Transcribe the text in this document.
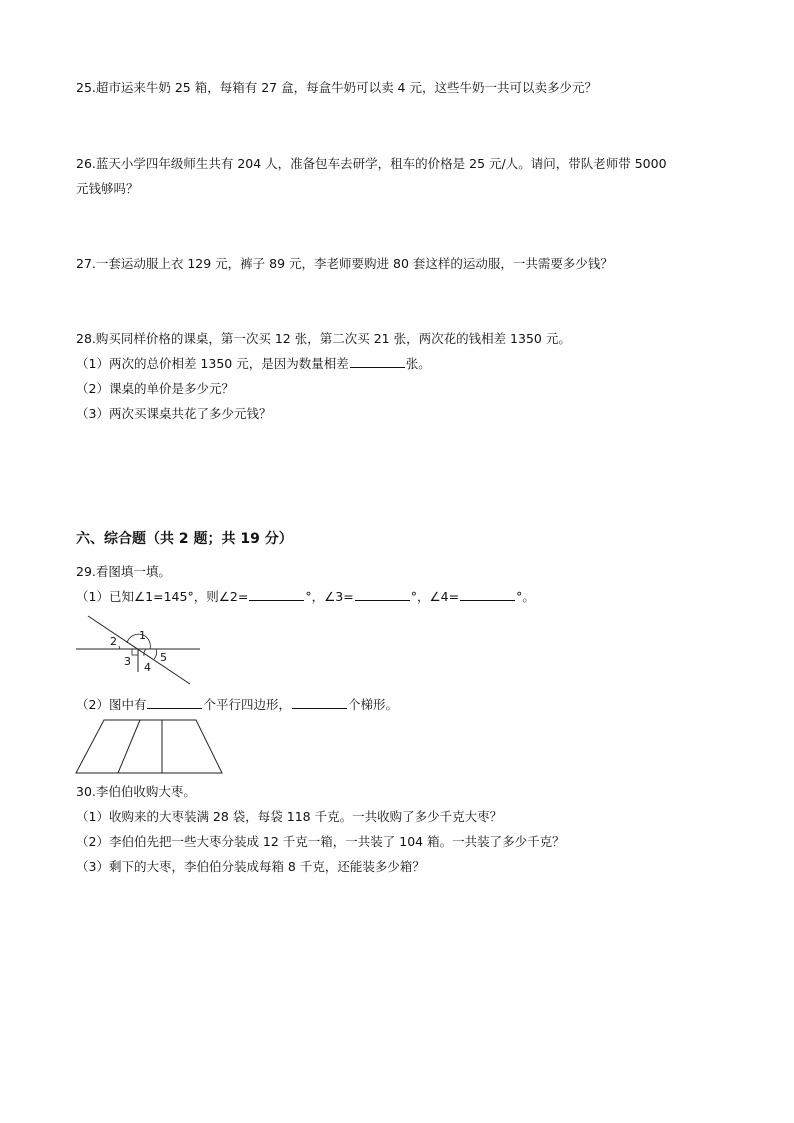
25.超市运来牛奶 25 箱，每箱有 27 盒，每盒牛奶可以卖 4 元，这些牛奶一共可以卖多少元？
26.蓝天小学四年级师生共有 204 人，准备包车去研学，租车的价格是 25 元/人。请问，带队老师带 5000
元钱够吗？
27.一套运动服上衣 129 元，裤子 89 元，李老师要购进 80 套这样的运动服，一共需要多少钱？
28.购买同样价格的课桌，第一次买 12 张，第二次买 21 张，两次花的钱相差 1350 元。
（1）两次的总价相差 1350 元，是因为数量相差	张。
（2）课桌的单价是多少元？
（3）两次买课桌共花了多少元钱？
六、综合题（共 2 题；共 19 分）
29.看图填一填。
（1）已知∠1=145°，则∠2=	°，∠3=	°，∠4=	°。
1
2
3 4
5
（2）图中有	个平行四边形，	个梯形。
30.李伯伯收购大枣。
（1）收购来的大枣装满 28 袋，每袋 118 千克。一共收购了多少千克大枣？
（2）李伯伯先把一些大枣分装成 12 千克一箱，一共装了 104 箱。一共装了多少千克？
（3）剩下的大枣，李伯伯分装成每箱 8 千克，还能装多少箱？
